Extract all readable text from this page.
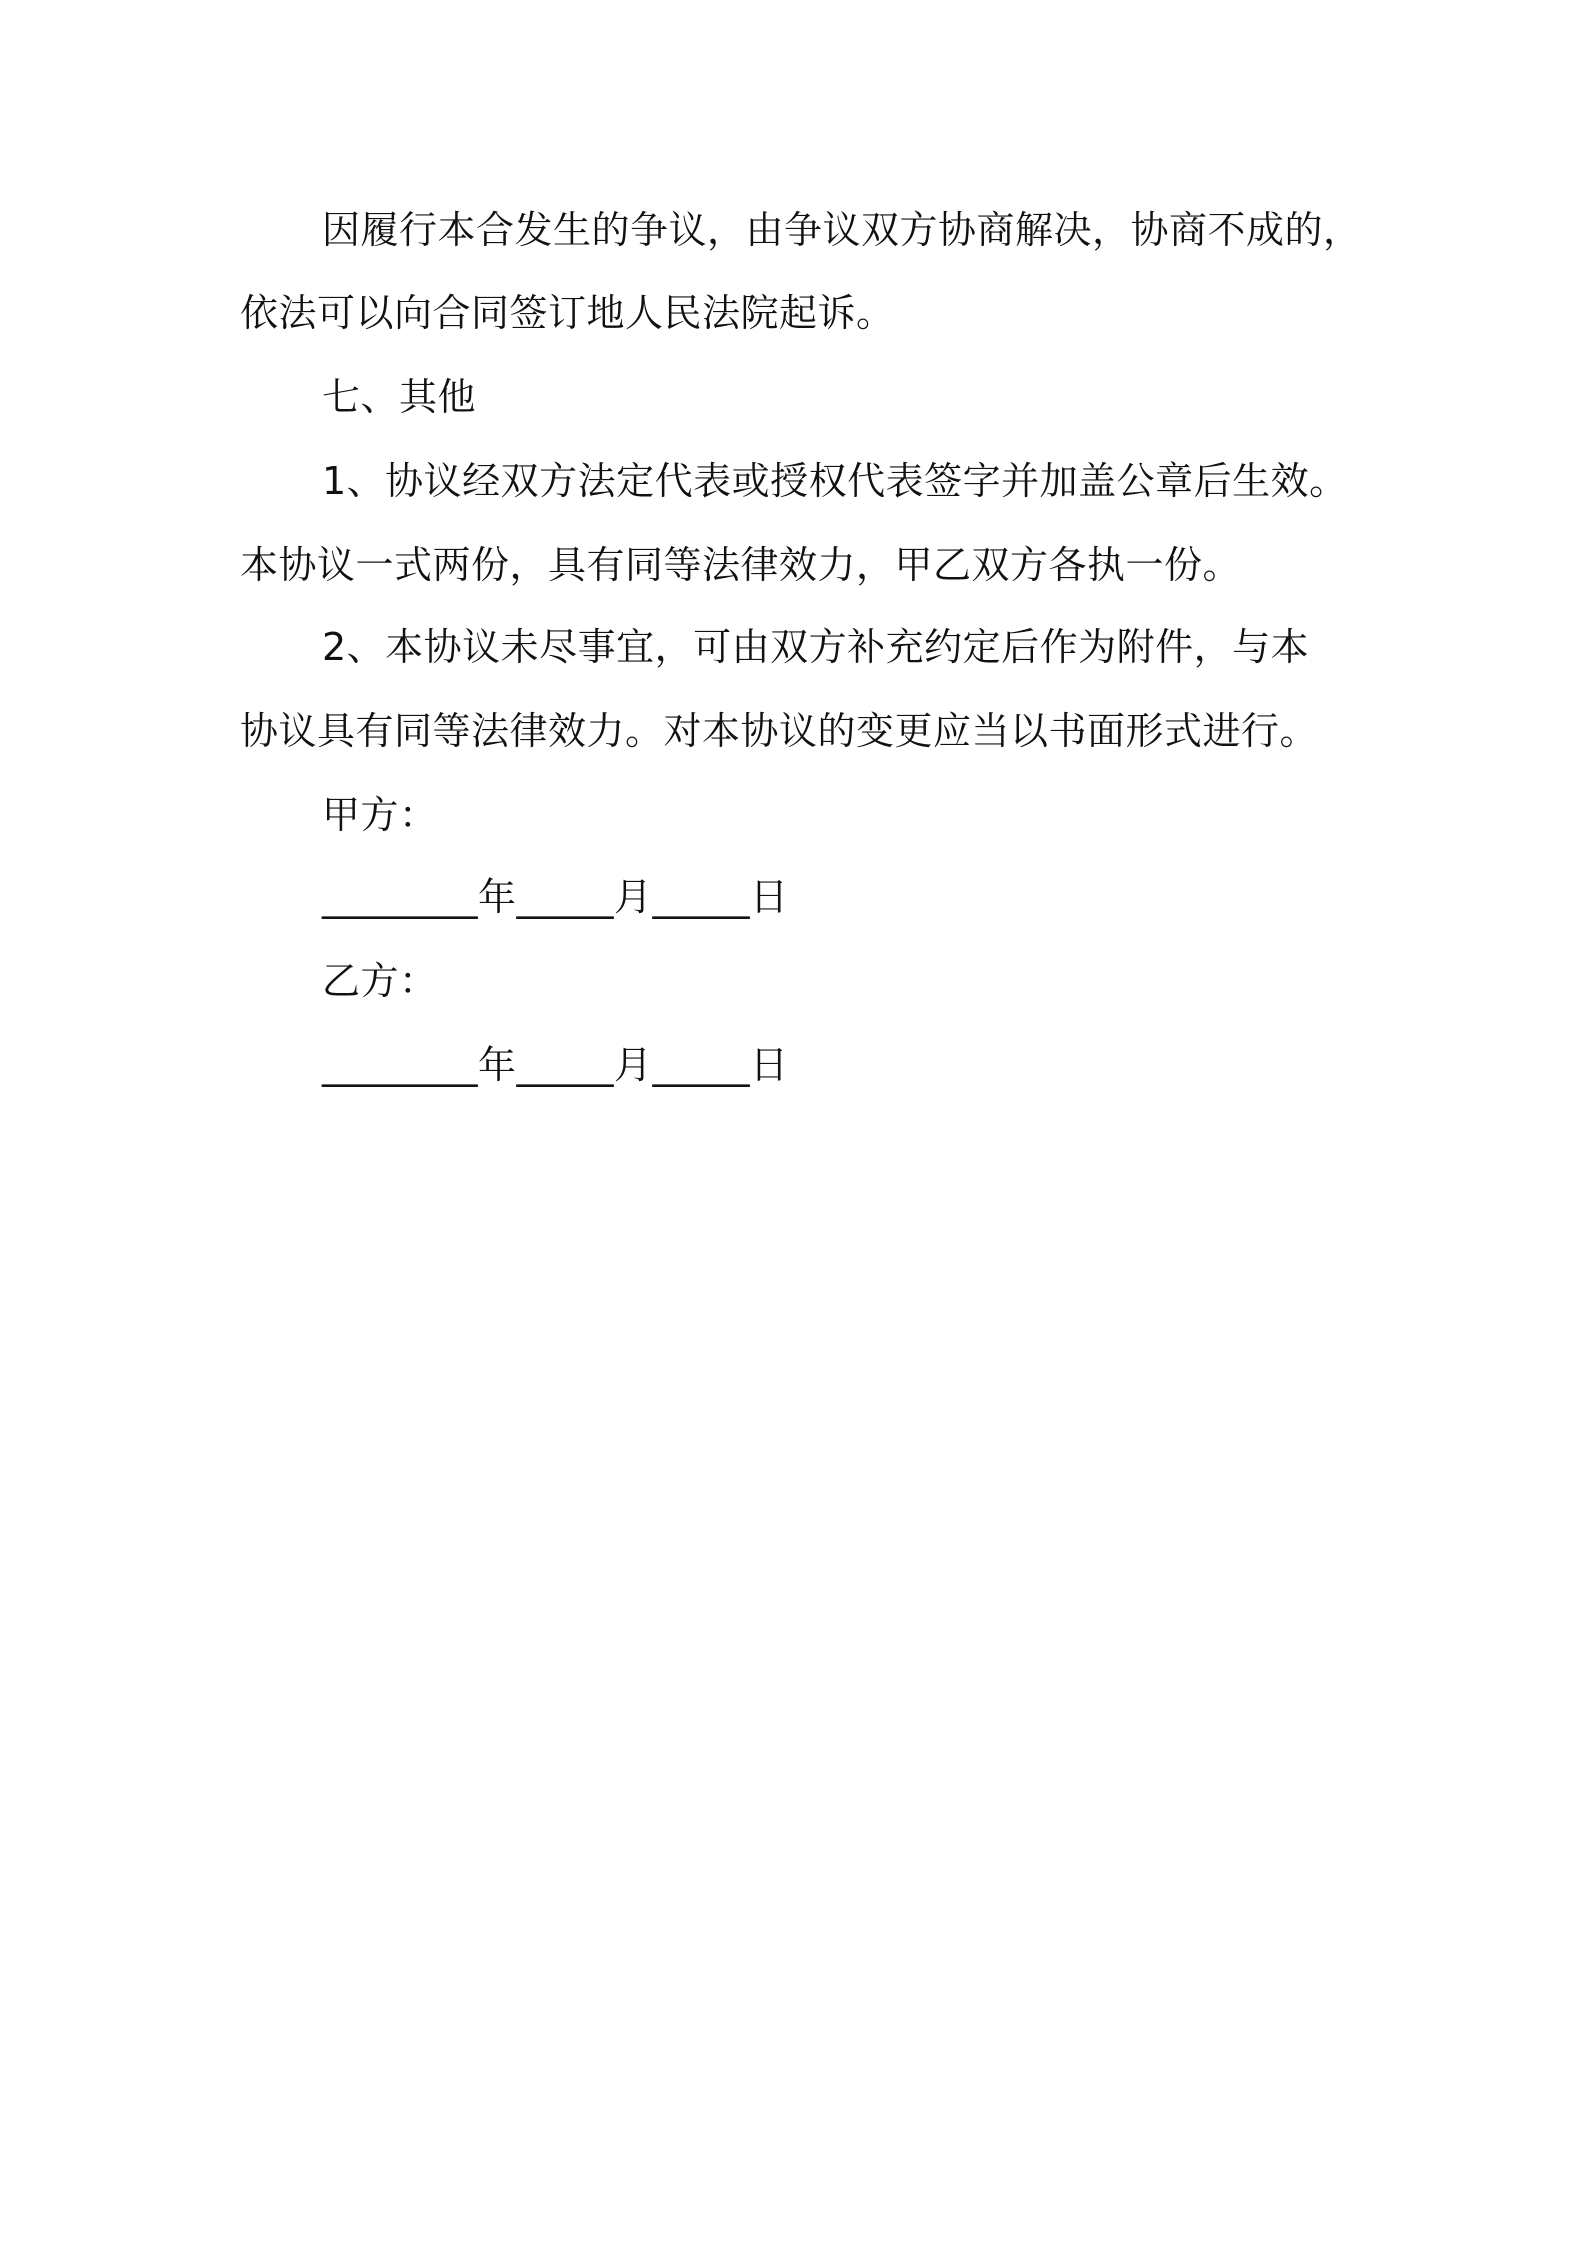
因履行本合发生的争议，由争议双方协商解决，协商不成的，
依法可以向合同签订地人民法院起诉。
七、其他
1、协议经双方法定代表或授权代表签字并加盖公章后生效。
本协议一式两份，具有同等法律效力，甲乙双方各执一份。
2、本协议未尽事宜，可由双方补充约定后作为附件，与本
协议具有同等法律效力。对本协议的变更应当以书面形式进行。
甲方：
________年_____月_____日
乙方：
________年_____月_____日
